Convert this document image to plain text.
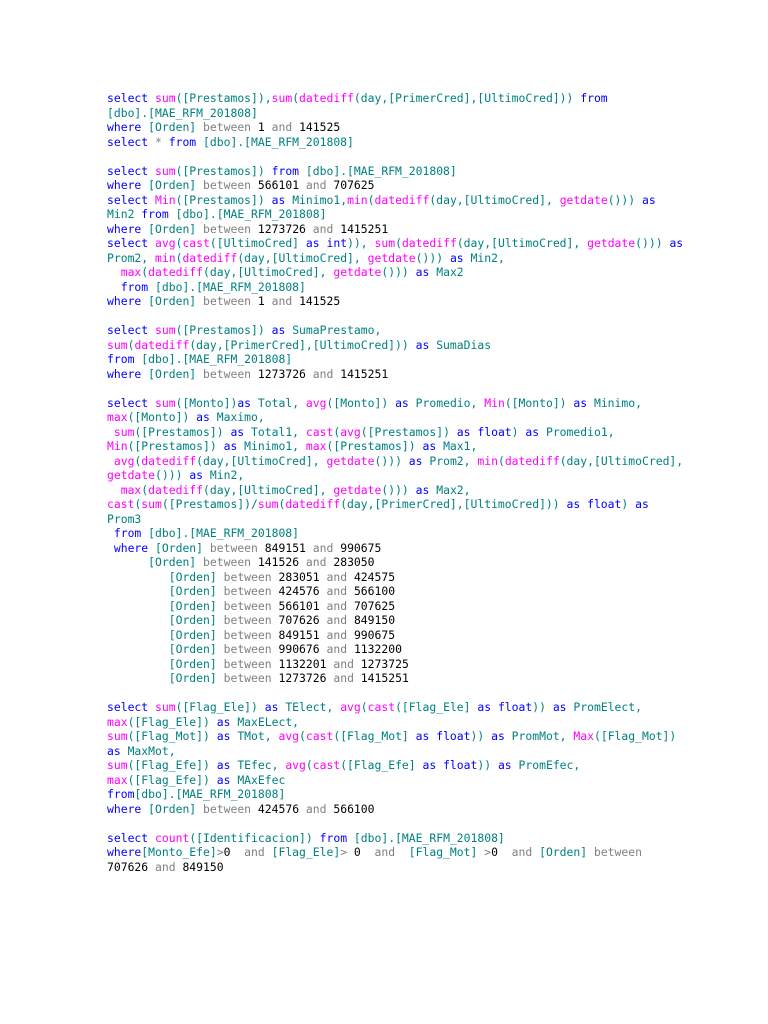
select sum([Prestamos]),sum(datediff(day,[PrimerCred],[UltimoCred])) from
[dbo].[MAE_RFM_201808]
where [Orden] between 1 and 141525
select * from [dbo].[MAE_RFM_201808]
select sum([Prestamos]) from [dbo].[MAE_RFM_201808]
where [Orden] between 566101 and 707625
select Min([Prestamos]) as Minimo1,min(datediff(day,[UltimoCred], getdate())) as
Min2 from [dbo].[MAE_RFM_201808]
where [Orden] between 1273726 and 1415251
select avg(cast([UltimoCred] as int)), sum(datediff(day,[UltimoCred], getdate())) as
Prom2, min(datediff(day,[UltimoCred], getdate())) as Min2,
max(datediff(day,[UltimoCred], getdate())) as Max2
from [dbo].[MAE_RFM_201808]
where [Orden] between 1 and 141525
select sum([Prestamos]) as SumaPrestamo,
sum(datediff(day,[PrimerCred],[UltimoCred])) as SumaDias
from [dbo].[MAE_RFM_201808]
where [Orden] between 1273726 and 1415251
select sum([Monto])as Total, avg([Monto]) as Promedio, Min([Monto]) as Minimo,
max([Monto]) as Maximo,
sum([Prestamos]) as Total1, cast(avg([Prestamos]) as float) as Promedio1,
Min([Prestamos]) as Minimo1, max([Prestamos]) as Max1,
avg(datediff(day,[UltimoCred], getdate())) as Prom2, min(datediff(day,[UltimoCred],
getdate())) as Min2,
max(datediff(day,[UltimoCred], getdate())) as Max2,
cast(sum([Prestamos])/sum(datediff(day,[PrimerCred],[UltimoCred])) as float) as
Prom3
from [dbo].[MAE_RFM_201808]
where [Orden] between 849151 and 990675
[Orden] between 141526 and 283050
[Orden] between 283051 and 424575
[Orden] between 424576 and 566100
[Orden] between 566101 and 707625
[Orden] between 707626 and 849150
[Orden] between 849151 and 990675
[Orden] between 990676 and 1132200
[Orden] between 1132201 and 1273725
[Orden] between 1273726 and 1415251
select sum([Flag_Ele]) as TElect, avg(cast([Flag_Ele] as float)) as PromElect,
max([Flag_Ele]) as MaxELect,
sum([Flag_Mot]) as TMot, avg(cast([Flag_Mot] as float)) as PromMot, Max([Flag_Mot])
as MaxMot,
sum([Flag_Efe]) as TEfec, avg(cast([Flag_Efe] as float)) as PromEfec,
max([Flag_Efe]) as MAxEfec
from[dbo].[MAE_RFM_201808]
where [Orden] between 424576 and 566100
select count([Identificacion]) from [dbo].[MAE_RFM_201808]
where[Monto_Efe]>0  and [Flag_Ele]> 0  and  [Flag_Mot] >0  and [Orden] between
707626 and 849150
